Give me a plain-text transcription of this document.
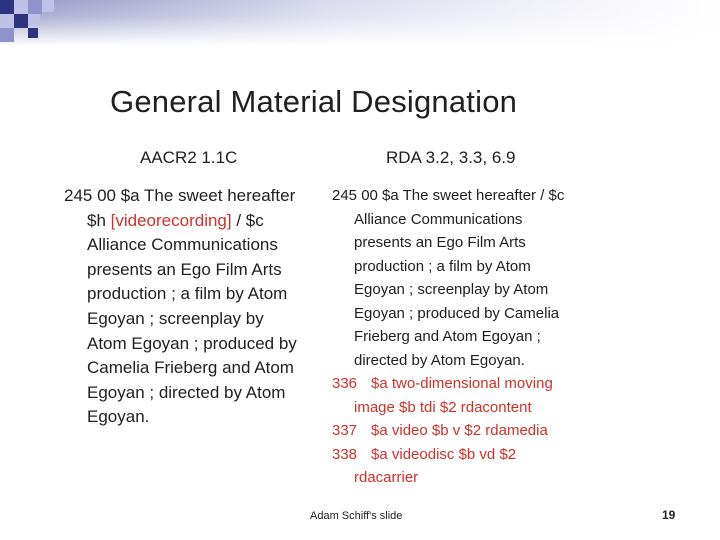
General Material Designation
AACR2 1.1C	RDA 3.2, 3.3, 6.9
245 00 $a The sweet hereafter
$h [videorecording] / $c
Alliance Communications
presents an Ego Film Arts
production ; a film by Atom
Egoyan ; screenplay by
Atom Egoyan ; produced by
Camelia Frieberg and Atom
Egoyan ; directed by Atom
Egoyan.
245 00 $a The sweet hereafter / $c
Alliance Communications
presents an Ego Film Arts
production ; a film by Atom
Egoyan ; screenplay by Atom
Egoyan ; produced by Camelia
Frieberg and Atom Egoyan ;
directed by Atom Egoyan.
336 $a two-dimensional moving
image $b tdi $2 rdacontent
337 $a video $b v $2 rdamedia
338 $a videodisc $b vd $2
rdacarrier
Adam Schiff's slide	19
